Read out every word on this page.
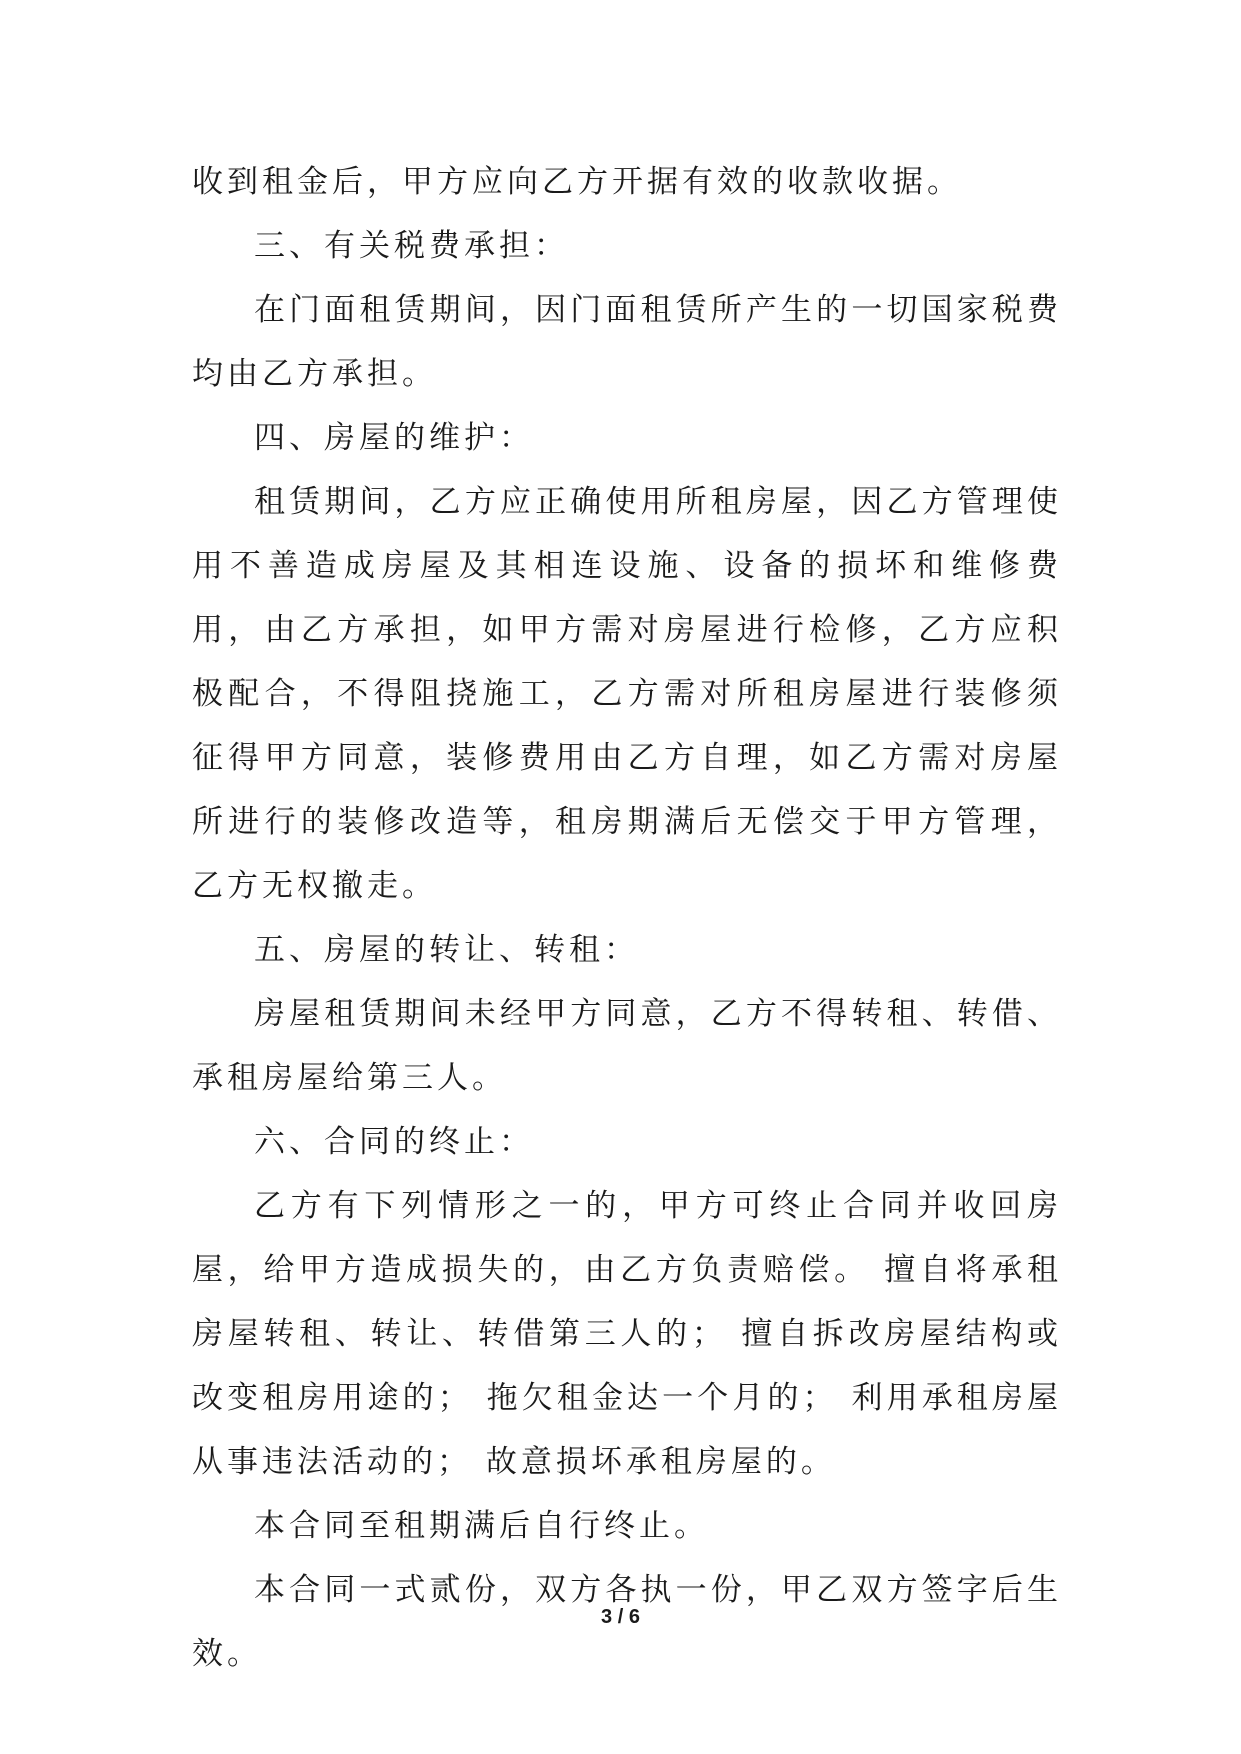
收到租金后，甲方应向乙方开据有效的收款收据。

三、有关税费承担：

在门面租赁期间，因门面租赁所产生的一切国家税费均由乙方承担。

四、房屋的维护：

租赁期间，乙方应正确使用所租房屋，因乙方管理使用不善造成房屋及其相连设施、设备的损坏和维修费用，由乙方承担，如甲方需对房屋进行检修，乙方应积极配合，不得阻挠施工，乙方需对所租房屋进行装修须征得甲方同意，装修费用由乙方自理，如乙方需对房屋所进行的装修改造等，租房期满后无偿交于甲方管理，乙方无权撤走。

五、房屋的转让、转租：

房屋租赁期间未经甲方同意，乙方不得转租、转借、承租房屋给第三人。

六、合同的终止：

乙方有下列情形之一的，甲方可终止合同并收回房屋，给甲方造成损失的，由乙方负责赔偿。 擅自将承租房屋转租、转让、转借第三人的； 擅自拆改房屋结构或改变租房用途的； 拖欠租金达一个月的； 利用承租房屋从事违法活动的； 故意损坏承租房屋的。

本合同至租期满后自行终止。

本合同一式贰份，双方各执一份，甲乙双方签字后生效。

3 / 6
